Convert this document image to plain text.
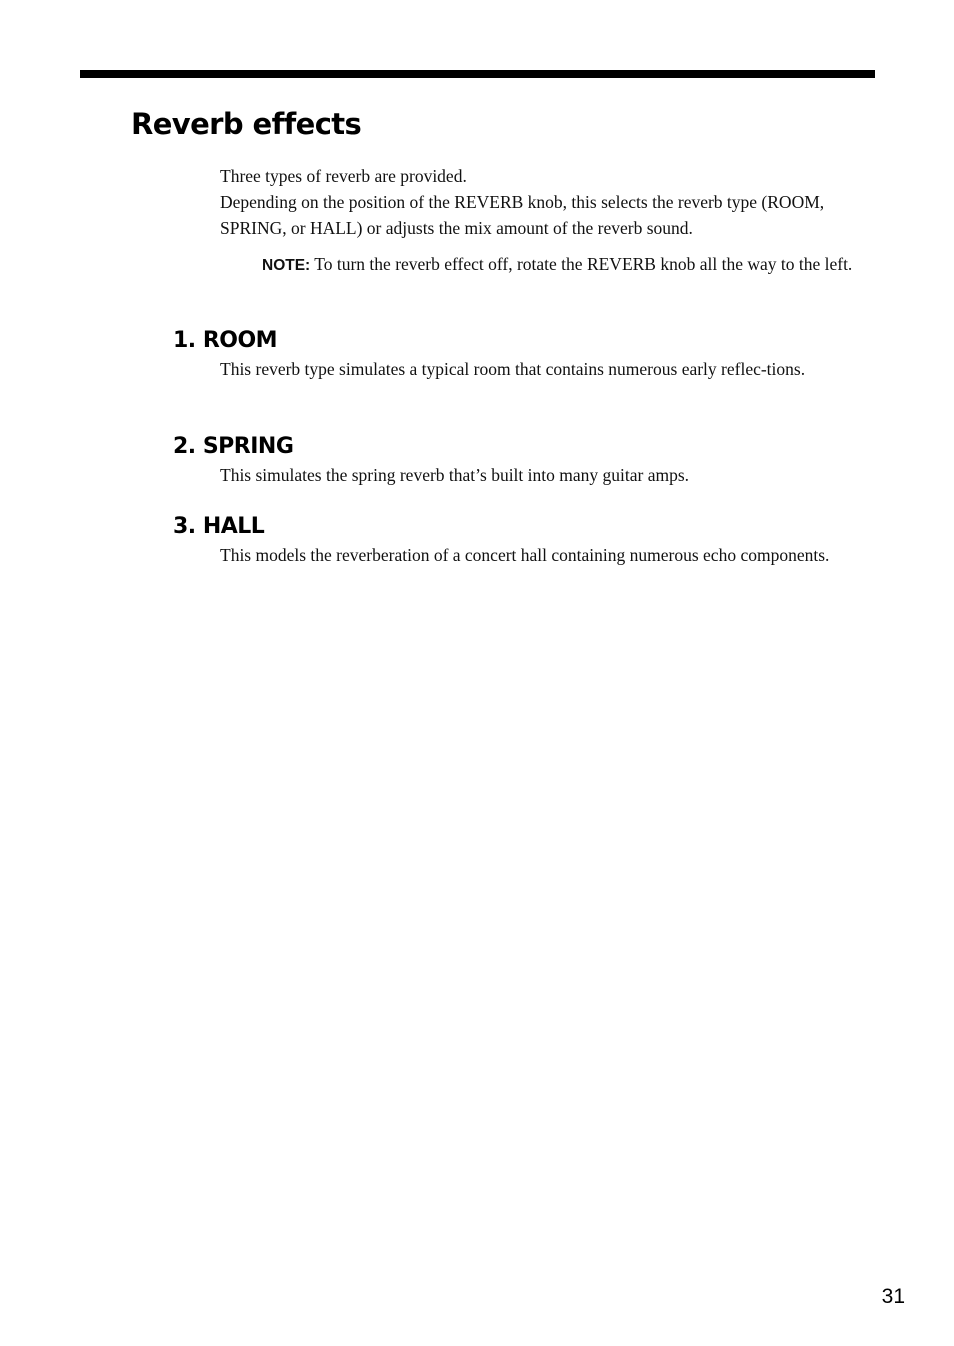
Reverb effects

Three types of reverb are provided.

Depending on the position of the REVERB knob, this selects the reverb type (ROOM, SPRING, or HALL) or adjusts the mix amount of the reverb sound.

NOTE: To turn the reverb effect off, rotate the REVERB knob all the way to the left.
1. ROOM

This reverb type simulates a typical room that contains numerous early reflec-tions.

2. SPRING

This simulates the spring reverb that’s built into many guitar amps.

3. HALL

This models the reverberation of a concert hall containing numerous echo components.

31
